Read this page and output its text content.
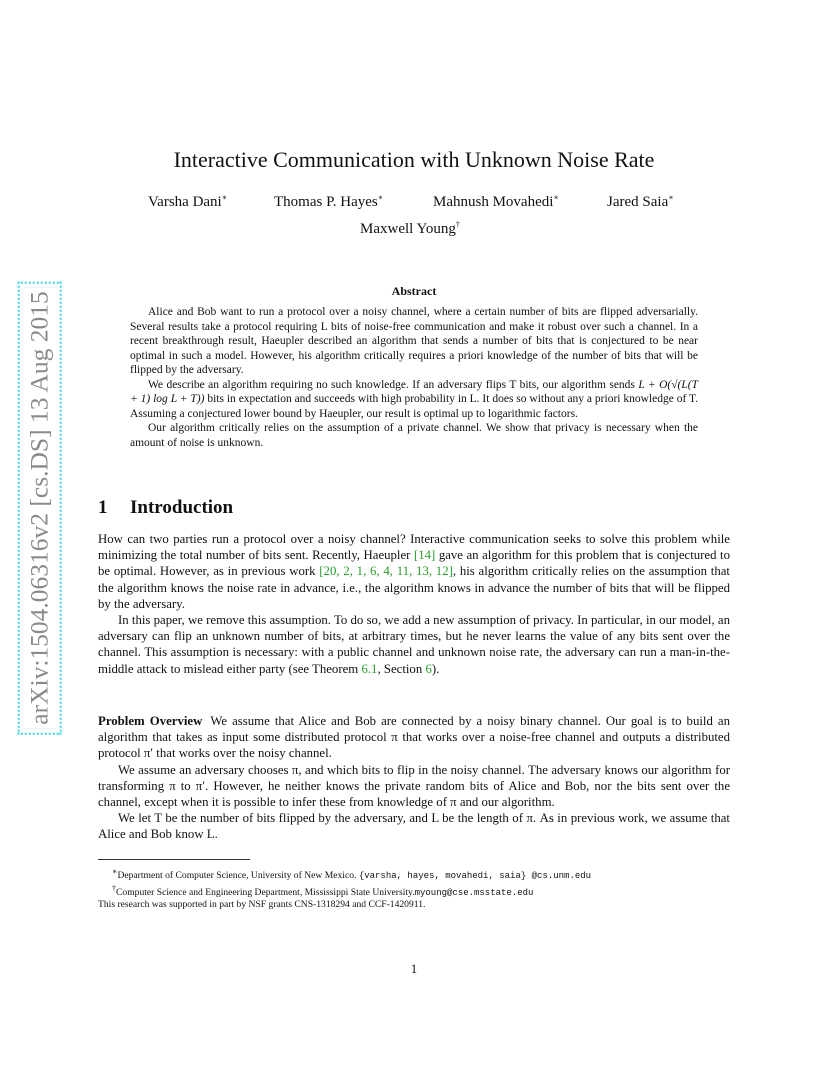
arXiv:1504.06316v2 [cs.DS] 13 Aug 2015
Interactive Communication with Unknown Noise Rate
Varsha Dani∗	Thomas P. Hayes∗	Mahnush Movahedi∗	Jared Saia∗
Maxwell Young†
Abstract

Alice and Bob want to run a protocol over a noisy channel, where a certain number of bits are flipped adversarially. Several results take a protocol requiring L bits of noise-free communication and make it robust over such a channel. In a recent breakthrough result, Haeupler described an algorithm that sends a number of bits that is conjectured to be near optimal in such a model. However, his algorithm critically requires a priori knowledge of the number of bits that will be flipped by the adversary.

We describe an algorithm requiring no such knowledge. If an adversary flips T bits, our algorithm sends L + O(√(L(T + 1) log L + T)) bits in expectation and succeeds with high probability in L. It does so without any a priori knowledge of T. Assuming a conjectured lower bound by Haeupler, our result is optimal up to logarithmic factors.

Our algorithm critically relies on the assumption of a private channel. We show that privacy is necessary when the amount of noise is unknown.

1 Introduction

How can two parties run a protocol over a noisy channel? Interactive communication seeks to solve this problem while minimizing the total number of bits sent. Recently, Haeupler [14] gave an algorithm for this problem that is conjectured to be optimal. However, as in previous work [20, 2, 1, 6, 4, 11, 13, 12], his algorithm critically relies on the assumption that the algorithm knows the noise rate in advance, i.e., the algorithm knows in advance the number of bits that will be flipped by the adversary.

In this paper, we remove this assumption. To do so, we add a new assumption of privacy. In particular, in our model, an adversary can flip an unknown number of bits, at arbitrary times, but he never learns the value of any bits sent over the channel. This assumption is necessary: with a public channel and unknown noise rate, the adversary can run a man-in-the-middle attack to mislead either party (see Theorem 6.1, Section 6).

Problem Overview We assume that Alice and Bob are connected by a noisy binary channel. Our goal is to build an algorithm that takes as input some distributed protocol π that works over a noise-free channel and outputs a distributed protocol π′ that works over the noisy channel.

We assume an adversary chooses π, and which bits to flip in the noisy channel. The adversary knows our algorithm for transforming π to π′. However, he neither knows the private random bits of Alice and Bob, nor the bits sent over the channel, except when it is possible to infer these from knowledge of π and our algorithm.

We let T be the number of bits flipped by the adversary, and L be the length of π. As in previous work, we assume that Alice and Bob know L.

∗Department of Computer Science, University of New Mexico. {varsha, hayes, movahedi, saia} @cs.unm.edu
†Computer Science and Engineering Department, Mississippi State University.myoung@cse.msstate.edu
This research was supported in part by NSF grants CNS-1318294 and CCF-1420911.
1
